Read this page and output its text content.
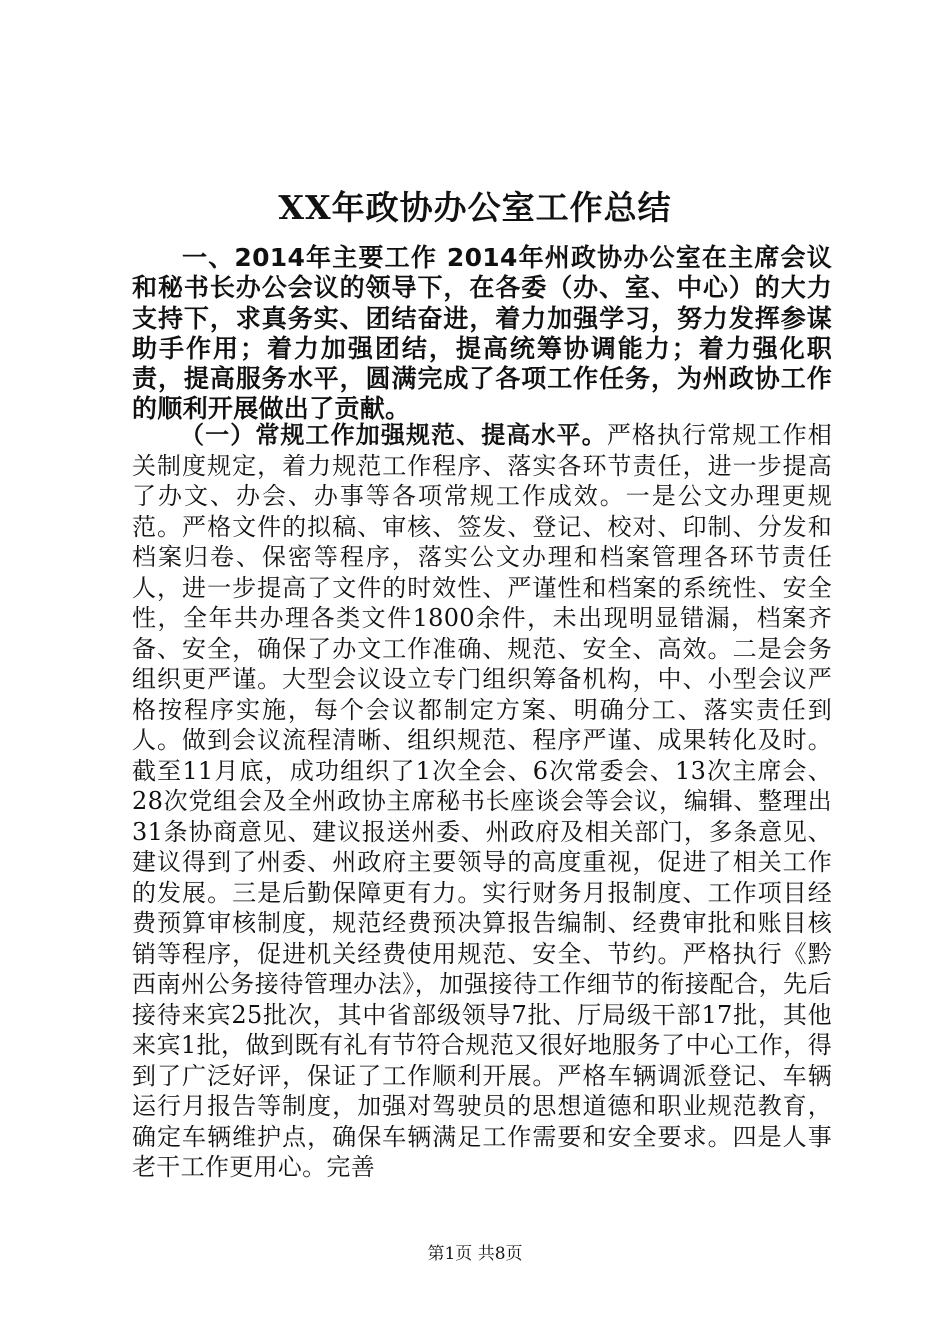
XX年政协办公室工作总结

一、2014年主要工作 2014年州政协办公室在主席会议和秘书长办公会议的领导下，在各委（办、室、中心）的大力支持下，求真务实、团结奋进，着力加强学习，努力发挥参谋助手作用；着力加强团结，提高统筹协调能力；着力强化职责，提高服务水平，圆满完成了各项工作任务，为州政协工作的顺利开展做出了贡献。

（一）常规工作加强规范、提高水平。严格执行常规工作相关制度规定，着力规范工作程序、落实各环节责任，进一步提高了办文、办会、办事等各项常规工作成效。一是公文办理更规范。严格文件的拟稿、审核、签发、登记、校对、印制、分发和档案归卷、保密等程序，落实公文办理和档案管理各环节责任人，进一步提高了文件的时效性、严谨性和档案的系统性、安全性，全年共办理各类文件1800余件，未出现明显错漏，档案齐备、安全，确保了办文工作准确、规范、安全、高效。二是会务组织更严谨。大型会议设立专门组织筹备机构，中、小型会议严格按程序实施，每个会议都制定方案、明确分工、落实责任到人。做到会议流程清晰、组织规范、程序严谨、成果转化及时。截至11月底，成功组织了1次全会、6次常委会、13次主席会、28次党组会及全州政协主席秘书长座谈会等会议，编辑、整理出31条协商意见、建议报送州委、州政府及相关部门，多条意见、建议得到了州委、州政府主要领导的高度重视，促进了相关工作的发展。三是后勤保障更有力。实行财务月报制度、工作项目经费预算审核制度，规范经费预决算报告编制、经费审批和账目核销等程序，促进机关经费使用规范、安全、节约。严格执行《黔西南州公务接待管理办法》，加强接待工作细节的衔接配合，先后接待来宾25批次，其中省部级领导7批、厅局级干部17批，其他来宾1批，做到既有礼有节符合规范又很好地服务了中心工作，得到了广泛好评，保证了工作顺利开展。严格车辆调派登记、车辆运行月报告等制度，加强对驾驶员的思想道德和职业规范教育，确定车辆维护点，确保车辆满足工作需要和安全要求。四是人事老干工作更用心。完善

第1页 共8页
